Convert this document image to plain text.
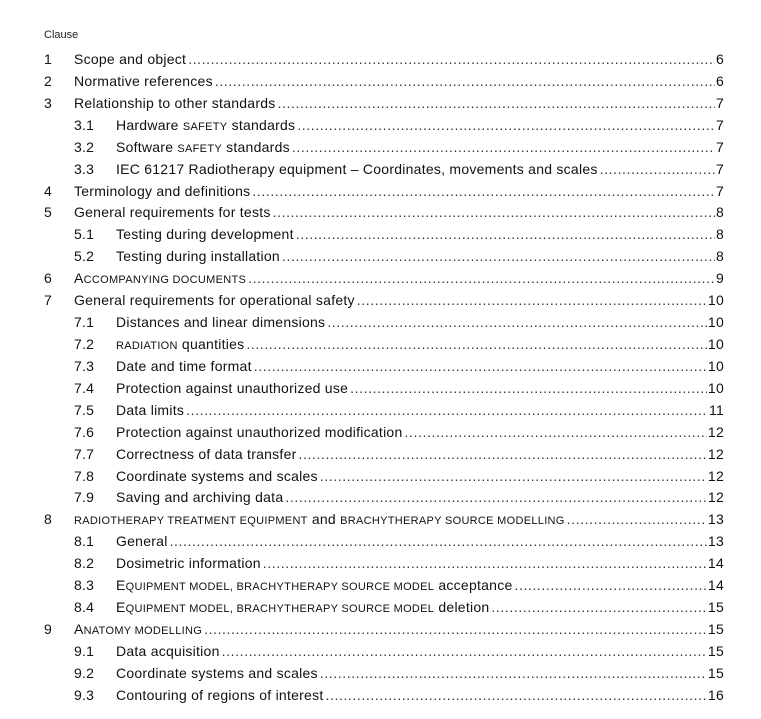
Clause
1	Scope and object .....	6
2	Normative references .....	6
3	Relationship to other standards .....	7
3.1	Hardware SAFETY standards .....	7
3.2	Software SAFETY standards .....	7
3.3	IEC 61217 Radiotherapy equipment – Coordinates, movements and scales .....	7
4	Terminology and definitions .....	7
5	General requirements for tests .....	8
5.1	Testing during development .....	8
5.2	Testing during installation .....	8
6	ACCOMPANYING DOCUMENTS .....	9
7	General requirements for operational safety .....	10
7.1	Distances and linear dimensions .....	10
7.2	RADIATION quantities .....	10
7.3	Date and time format .....	10
7.4	Protection against unauthorized use .....	10
7.5	Data limits .....	11
7.6	Protection against unauthorized modification .....	12
7.7	Correctness of data transfer .....	12
7.8	Coordinate systems and scales .....	12
7.9	Saving and archiving data .....	12
8	RADIOTHERAPY TREATMENT EQUIPMENT and BRACHYTHERAPY SOURCE MODELLING .....	13
8.1	General .....	13
8.2	Dosimetric information .....	14
8.3	EQUIPMENT MODEL, BRACHYTHERAPY SOURCE MODEL acceptance .....	14
8.4	EQUIPMENT MODEL, BRACHYTHERAPY SOURCE MODEL deletion .....	15
9	ANATOMY MODELLING .....	15
9.1	Data acquisition .....	15
9.2	Coordinate systems and scales .....	15
9.3	Contouring of regions of interest .....	16
